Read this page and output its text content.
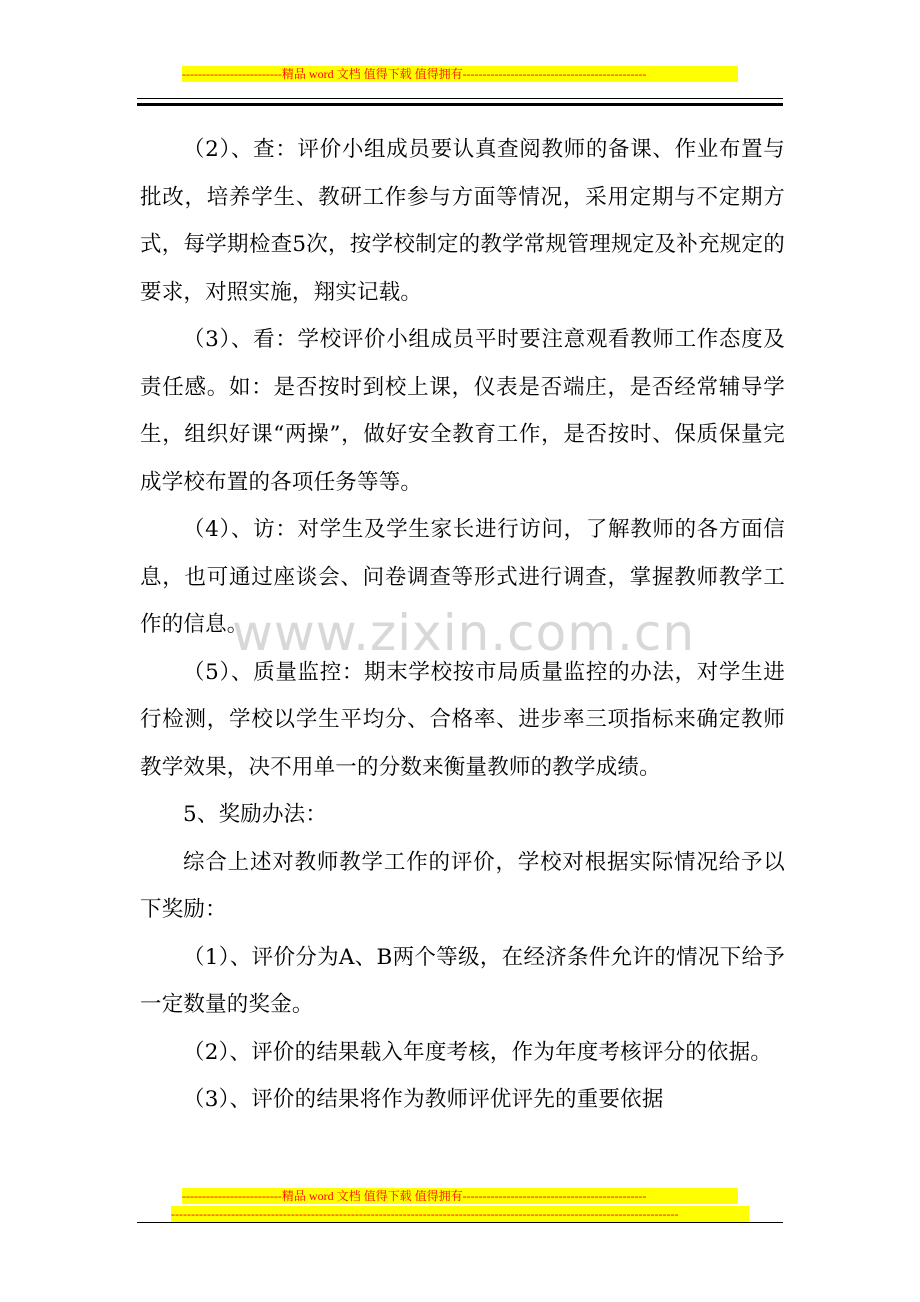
-------------------------精品 word 文档 值得下载 值得拥有----------------------------------------------

（2）、查：评价小组成员要认真查阅教师的备课、作业布置与批改，培养学生、教研工作参与方面等情况，采用定期与不定期方式，每学期检查5次，按学校制定的教学常规管理规定及补充规定的要求，对照实施，翔实记载。

（3）、看：学校评价小组成员平时要注意观看教师工作态度及责任感。如：是否按时到校上课，仪表是否端庄，是否经常辅导学生，组织好课“两操”，做好安全教育工作，是否按时、保质保量完成学校布置的各项任务等等。

（4）、访：对学生及学生家长进行访问，了解教师的各方面信息，也可通过座谈会、问卷调查等形式进行调查，掌握教师教学工作的信息。

（5）、质量监控：期末学校按市局质量监控的办法，对学生进行检测，学校以学生平均分、合格率、进步率三项指标来确定教师教学效果，决不用单一的分数来衡量教师的教学成绩。

5、奖励办法：

综合上述对教师教学工作的评价，学校对根据实际情况给予以下奖励：

（1）、评价分为A、B两个等级，在经济条件允许的情况下给予一定数量的奖金。

（2）、评价的结果载入年度考核，作为年度考核评分的依据。

（3）、评价的结果将作为教师评优评先的重要依据

www.zixin.com.cn
-------------------------精品 word 文档 值得下载 值得拥有----------------------------------------------
-------------------------------------------------------------------------------------------------------------------------------
